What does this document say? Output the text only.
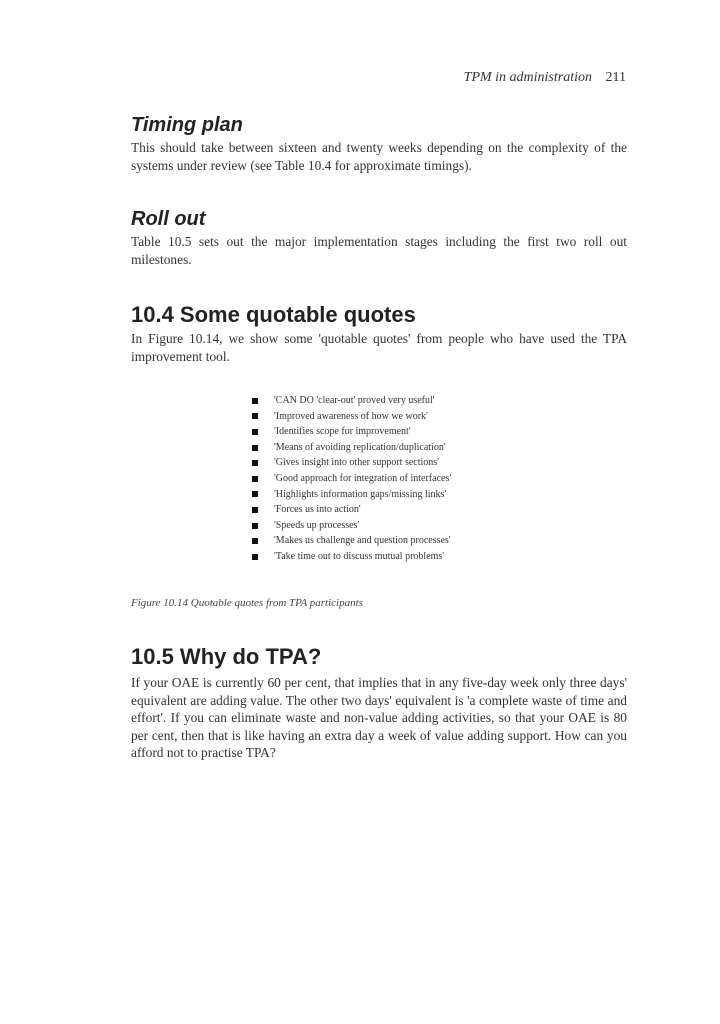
TPM in administration 211
Timing plan

This should take between sixteen and twenty weeks depending on the complexity of the systems under review (see Table 10.4 for approximate timings).

Roll out

Table 10.5 sets out the major implementation stages including the first two roll out milestones.

10.4 Some quotable quotes

In Figure 10.14, we show some 'quotable quotes' from people who have used the TPA improvement tool.

'CAN DO 'clear-out' proved very useful'
'Improved awareness of how we work'
'Identifies scope for improvement'
'Means of avoiding replication/duplication'
'Gives insight into other support sections'
'Good approach for integration of interfaces'
'Highlights information gaps/missing links'
'Forces us into action'
'Speeds up processes'
'Makes us challenge and question processes'
'Take time out to discuss mutual problems'
Figure 10.14 Quotable quotes from TPA participants
10.5 Why do TPA?

If your OAE is currently 60 per cent, that implies that in any five-day week only three days' equivalent are adding value. The other two days' equivalent is 'a complete waste of time and effort'. If you can eliminate waste and non-value adding activities, so that your OAE is 80 per cent, then that is like having an extra day a week of value adding support. How can you afford not to practise TPA?
